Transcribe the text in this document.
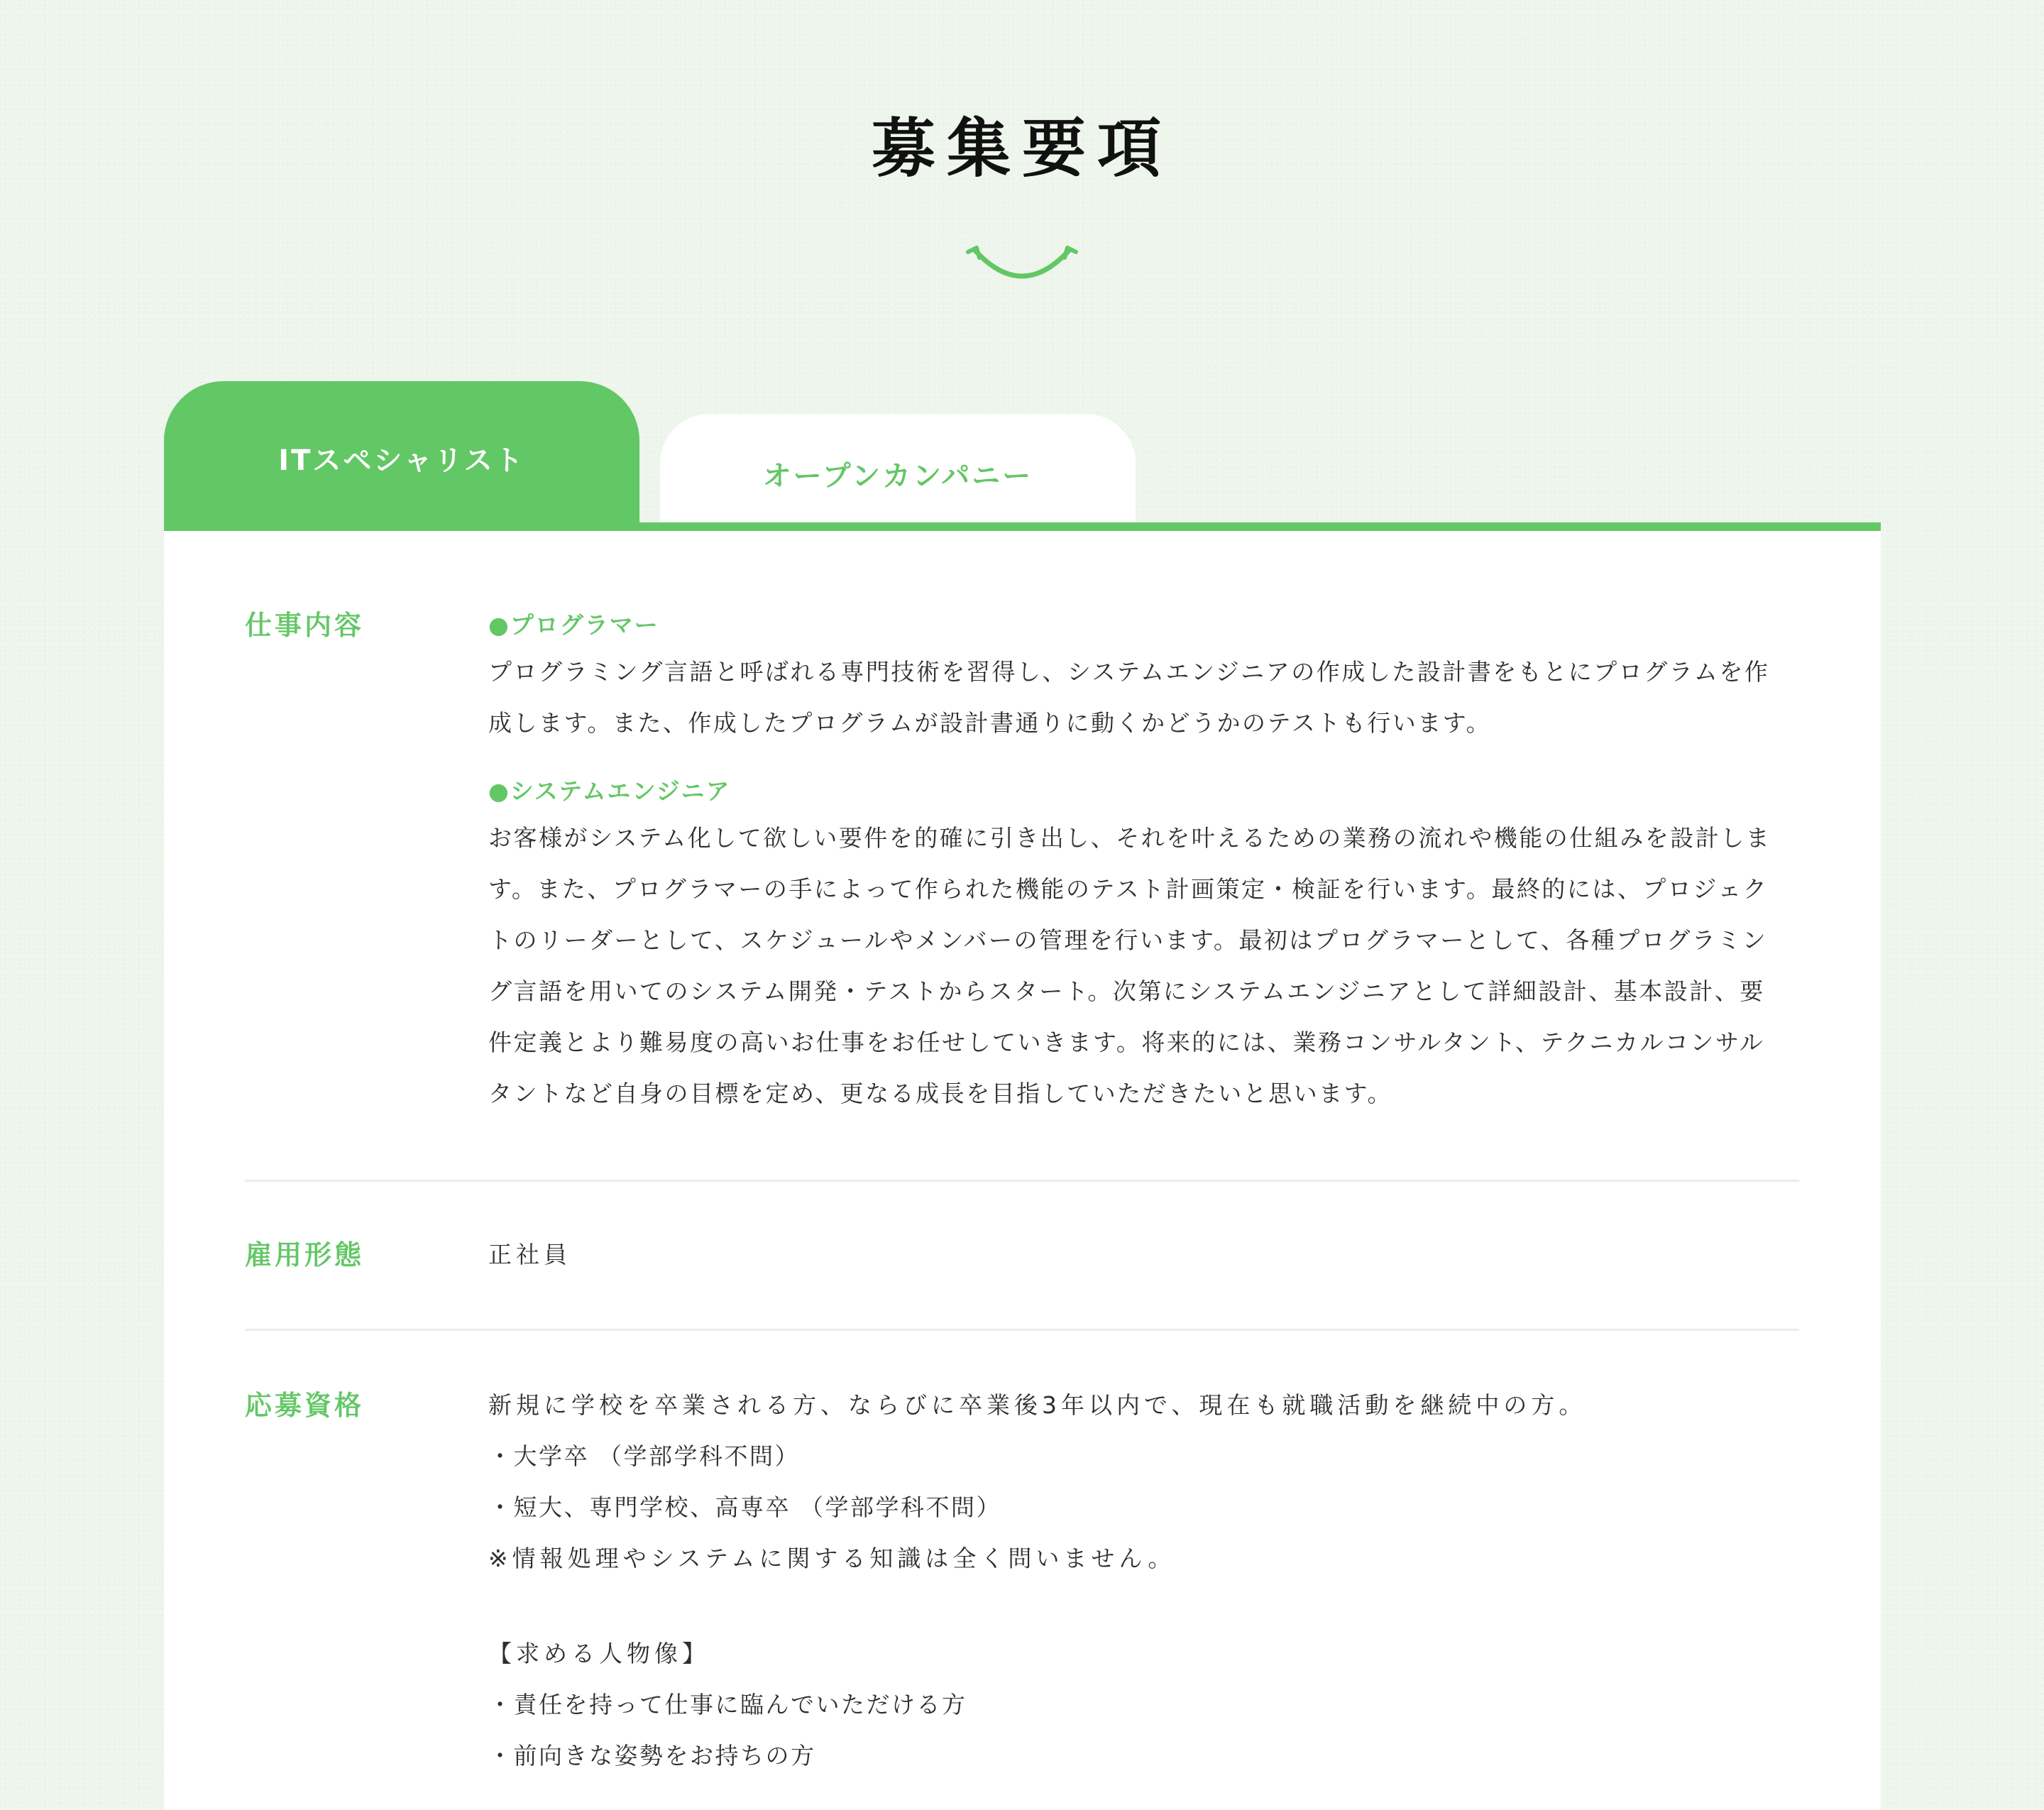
募集要項
ITスペシャリスト	オープンカンパニー
仕事内容	●プログラマー

プログラミング言語と呼ばれる専門技術を習得し、システムエンジニアの作成した設計書をもとにプログラムを作
成します。また、作成したプログラムが設計書通りに動くかどうかのテストも行います。

●システムエンジニア

お客様がシステム化して欲しい要件を的確に引き出し、それを叶えるための業務の流れや機能の仕組みを設計しま
す。また、プログラマーの手によって作られた機能のテスト計画策定・検証を行います。最終的には、プロジェク
トのリーダーとして、スケジュールやメンバーの管理を行います。最初はプログラマーとして、各種プログラミン
グ言語を用いてのシステム開発・テストからスタート。次第にシステムエンジニアとして詳細設計、基本設計、要
件定義とより難易度の高いお仕事をお任せしていきます。将来的には、業務コンサルタント、テクニカルコンサル
タントなど自身の目標を定め、更なる成長を目指していただきたいと思います。

雇用形態	正社員
応募資格	新規に学校を卒業される方、ならびに卒業後3年以内で、現在も就職活動を継続中の方。
・大学卒 （学部学科不問）
・短大、専門学校、高専卒 （学部学科不問）
※情報処理やシステムに関する知識は全く問いません。
【求める人物像】
・責任を持って仕事に臨んでいただける方
・前向きな姿勢をお持ちの方
